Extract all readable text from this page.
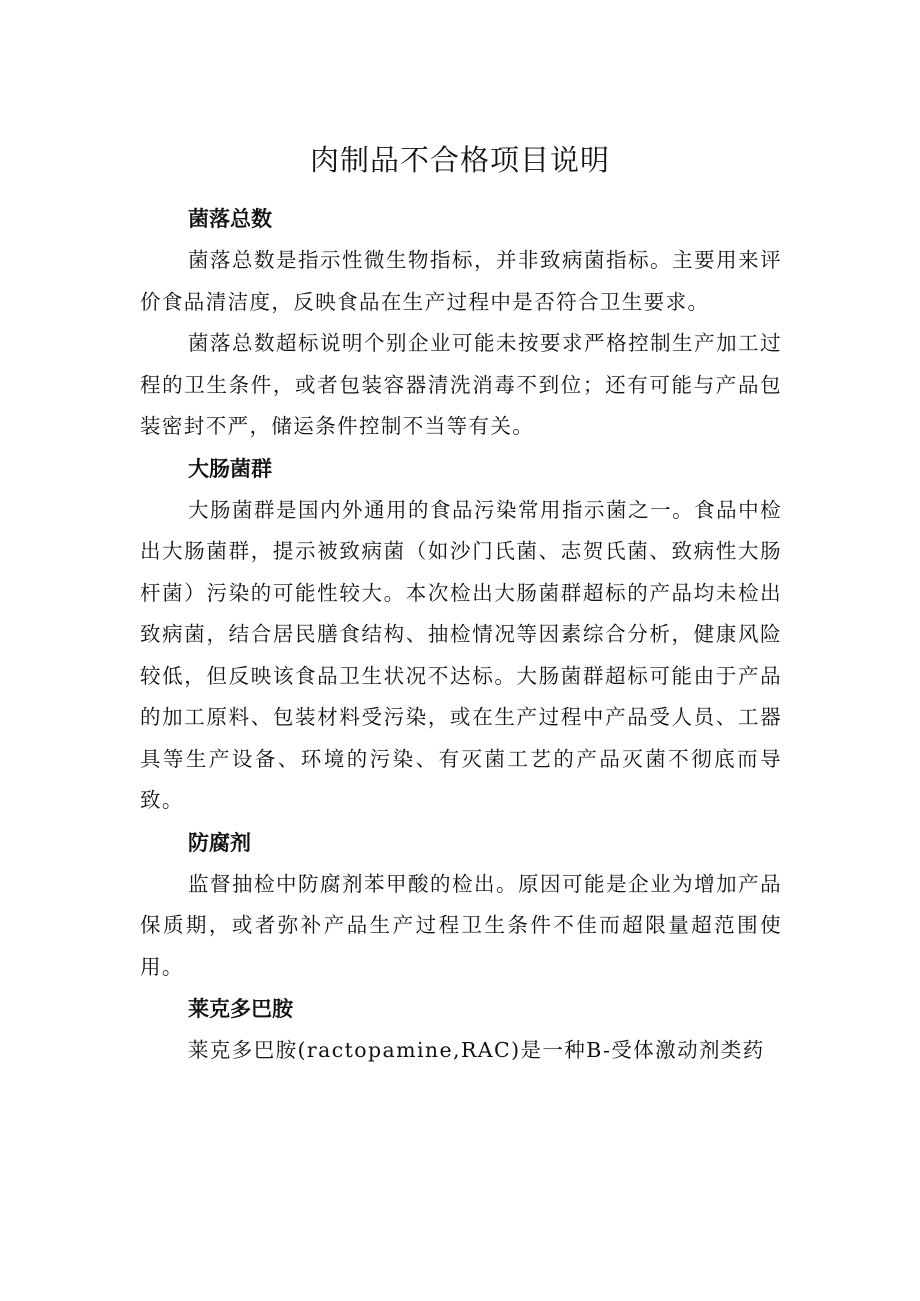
肉制品不合格项目说明
菌落总数

菌落总数是指示性微生物指标，并非致病菌指标。主要用来评价食品清洁度，反映食品在生产过程中是否符合卫生要求。

菌落总数超标说明个别企业可能未按要求严格控制生产加工过程的卫生条件，或者包装容器清洗消毒不到位；还有可能与产品包装密封不严，储运条件控制不当等有关。

大肠菌群

大肠菌群是国内外通用的食品污染常用指示菌之一。食品中检出大肠菌群，提示被致病菌（如沙门氏菌、志贺氏菌、致病性大肠杆菌）污染的可能性较大。本次检出大肠菌群超标的产品均未检出致病菌，结合居民膳食结构、抽检情况等因素综合分析，健康风险较低，但反映该食品卫生状况不达标。大肠菌群超标可能由于产品的加工原料、包装材料受污染，或在生产过程中产品受人员、工器具等生产设备、环境的污染、有灭菌工艺的产品灭菌不彻底而导致。

防腐剂

监督抽检中防腐剂苯甲酸的检出。原因可能是企业为增加产品保质期，或者弥补产品生产过程卫生条件不佳而超限量超范围使用。

莱克多巴胺

莱克多巴胺(ractopamine,RAC)是一种B-受体激动剂类药
